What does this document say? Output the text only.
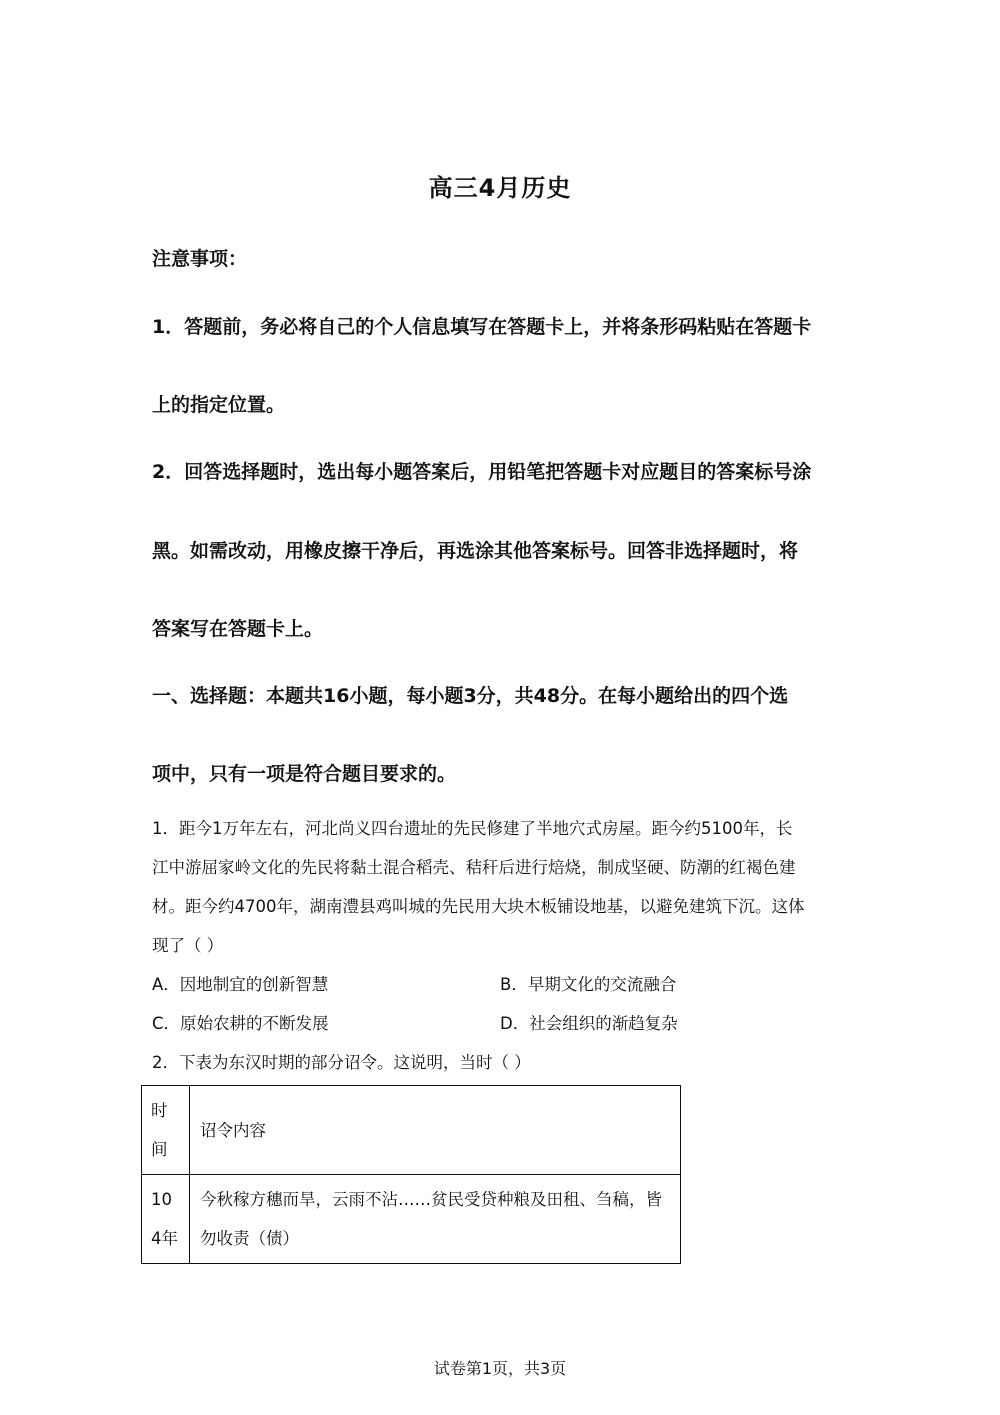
高三4月历史
注意事项：
1．答题前，务必将自己的个人信息填写在答题卡上，并将条形码粘贴在答题卡
上的指定位置。
2．回答选择题时，选出每小题答案后，用铅笔把答题卡对应题目的答案标号涂
黑。如需改动，用橡皮擦干净后，再选涂其他答案标号。回答非选择题时，将
答案写在答题卡上。
一、选择题：本题共16小题，每小题3分，共48分。在每小题给出的四个选
项中，只有一项是符合题目要求的。
1．距今1万年左右，河北尚义四台遗址的先民修建了半地穴式房屋。距今约5100年，长
江中游屈家岭文化的先民将黏土混合稻壳、秸秆后进行焙烧，制成坚硬、防潮的红褐色建
材。距今约4700年，湖南澧县鸡叫城的先民用大块木板铺设地基，以避免建筑下沉。这体
现了（ ）
A．因地制宜的创新智慧	B．早期文化的交流融合
C．原始农耕的不断发展	D．社会组织的渐趋复杂
2．下表为东汉时期的部分诏令。这说明，当时（ ）
时间	诏令内容
104年	今秋稼方穗而旱，云雨不沾……贫民受贷种粮及田租、刍稿，皆勿收责（债）
试卷第1页，共3页
